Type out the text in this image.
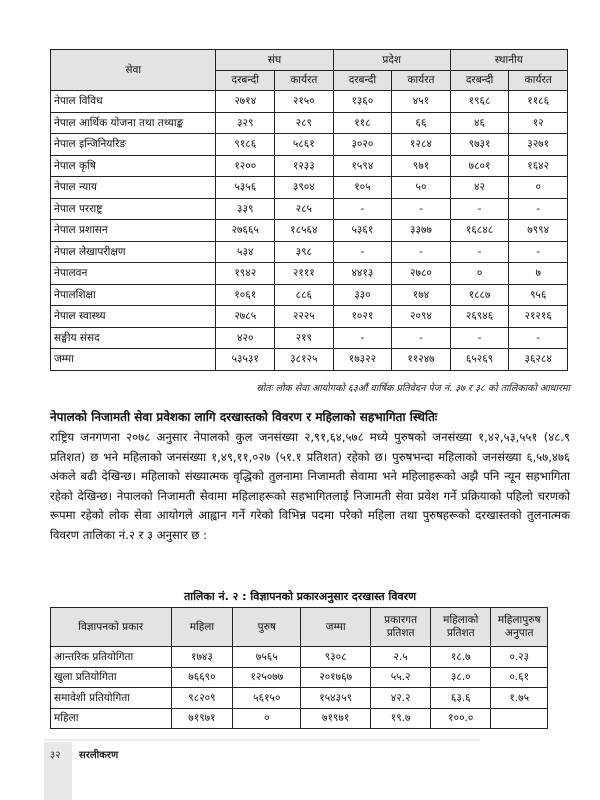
सेवा	संघ		प्रदेश		स्थानीय	
	दरबन्दी	कार्यरत	दरबन्दी	कार्यरत	दरबन्दी	कार्यरत
नेपाल विविध	२७१४	२१५०	१३६०	४५१	१९६८	११८६
नेपाल आर्थिक योजना तथा तथ्याङ्क	३२९	२८९	११८	६६	४६	१२
नेपाल इन्जिनियरिङ	९१८६	५८६१	३०२०	१२८४	९७३१	३२७१
नेपाल कृषि	१२००	१२३३	१५९४	९७१	७८०१	१६४२
नेपाल न्याय	५३५६	३९०४	१०५	५०	४२	०
नेपाल परराष्ट्र	३३९	२८५	-	-	-	-
नेपाल प्रशासन	२७६६५	१८५६४	५३६१	३३७७	१६८४८	७९९४
नेपाल लेखापरीक्षण	५३४	३९८	-	-	-	-
नेपालवन	१९४२	२१११	४४१३	२७८०	०	७
नेपालशिक्षा	१०६१	८८६	३३०	१७४	१८८७	९५६
नेपाल स्वास्थ्य	२७८५	२२२५	१०२१	२०९४	२६९४६	२१२१६
सङ्घीय संसद	४२०	२१९	-	-	-	-
जम्मा	५३५३१	३८१२५	१७३२२	११२४७	६५२६९	३६२८४
स्रोतः लोक सेवा आयोगको ६३औं वार्षिक प्रतिवेदन पेज नं. ३७ र ३८ को तालिकाको आधारमा
नेपालको निजामती सेवा प्रवेशका लागि दरखास्तको विवरण र महिलाको सहभागिता स्थितिः
राष्ट्रिय जनगणना २०७८ अनुसार नेपालको कुल जनसंख्या २,९१,६४,५७८ मध्ये पुरुषको जनसंख्या १,४२,५३,५५१ (४८.९ प्रतिशत) छ भने महिलाको जनसंख्या १,४९,११,०२७ (५१.१ प्रतिशत) रहेको छ। पुरुषभन्दा महिलाको जनसंख्या ६,५७,४७६ अंकले बढी देखिन्छ। महिलाको संख्यात्मक वृद्धिको तुलनामा निजामती सेवामा भने महिलाहरूको अझै पनि न्यून सहभागिता रहेको देखिन्छ। नेपालको निजामती सेवामा महिलाहरूको सहभागितलाई निजामती सेवा प्रवेश गर्ने प्रक्रियाको पहिलो चरणको रूपमा रहेको लोक सेवा आयोगले आह्वान गर्ने गरेको विभिन्न पदमा परेको महिला तथा पुरुषहरूको दरखास्तको तुलनात्मक विवरण तालिका नं.२ र ३ अनुसार छ :
तालिका नं. २ : विज्ञापनको प्रकारअनुसार दरखास्त विवरण
विज्ञापनको प्रकार	महिला	पुरुष	जम्मा	प्रकारगत प्रतिशत	महिलाको प्रतिशत	महिलापुरुष अनुपात
आन्तरिक प्रतियोगिता	१७४३	७५६५	९३०८	२.५	१८.७	०.२३
खुला प्रतियोगिता	७६६९०	१२५०७७	२०१७६७	५५.२	३८.०	०.६१
समावेशी प्रतियोगिता	९८२०९	५६१५०	१५४३५९	४२.२	६३.६	१.७५
महिला	७१९७१	०	७१९७१	१९.७	१००.०	
३२ सरलीकरण
